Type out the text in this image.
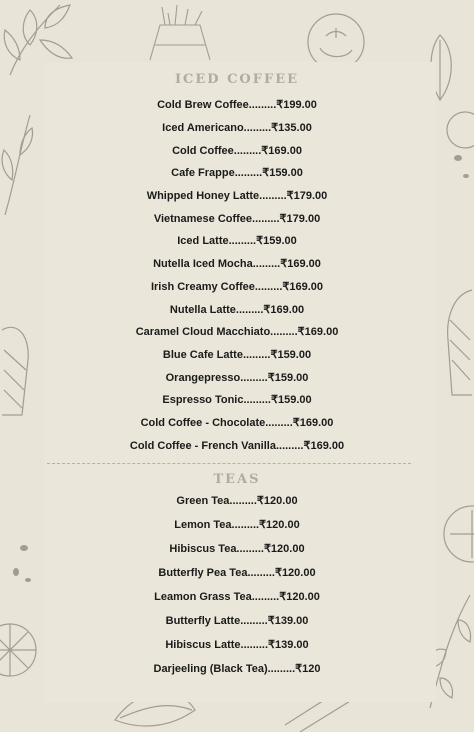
ICED COFFEE
Cold Brew Coffee.........₹199.00
Iced Americano.........₹135.00
Cold Coffee.........₹169.00
Cafe Frappe.........₹159.00
Whipped Honey Latte.........₹179.00
Vietnamese Coffee.........₹179.00
Iced Latte.........₹159.00
Nutella Iced Mocha.........₹169.00
Irish Creamy Coffee.........₹169.00
Nutella Latte.........₹169.00
Caramel Cloud Macchiato.........₹169.00
Blue Cafe Latte.........₹159.00
Orangepresso.........₹159.00
Espresso Tonic.........₹159.00
Cold Coffee - Chocolate.........₹169.00
Cold Coffee - French Vanilla.........₹169.00
TEAS
Green Tea.........₹120.00
Lemon Tea.........₹120.00
Hibiscus Tea.........₹120.00
Butterfly Pea Tea.........₹120.00
Leamon Grass Tea.........₹120.00
Butterfly Latte.........₹139.00
Hibiscus Latte.........₹139.00
Darjeeling (Black Tea).........₹120
